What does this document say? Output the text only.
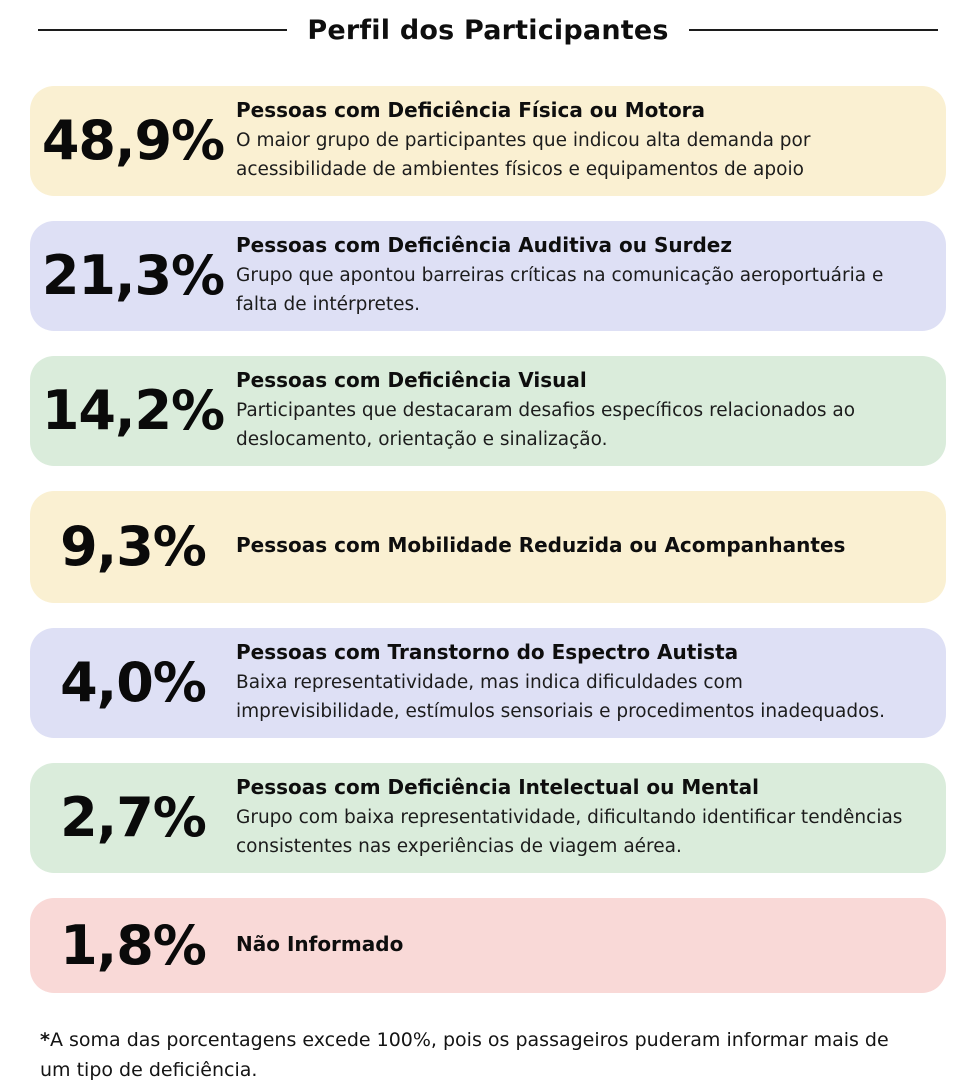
Perfil dos Participantes
48,9% Pessoas com Deficiência Física ou Motora
O maior grupo de participantes que indicou alta demanda por acessibilidade de ambientes físicos e equipamentos de apoio
21,3% Pessoas com Deficiência Auditiva ou Surdez
Grupo que apontou barreiras críticas na comunicação aeroportuária e falta de intérpretes.
14,2% Pessoas com Deficiência Visual
Participantes que destacaram desafios específicos relacionados ao deslocamento, orientação e sinalização.
9,3%	Pessoas com Mobilidade Reduzida ou Acompanhantes
4,0%	Pessoas com Transtorno do Espectro Autista
Baixa representatividade, mas indica dificuldades com imprevisibilidade, estímulos sensoriais e procedimentos inadequados.
2,7%	Pessoas com Deficiência Intelectual ou Mental
Grupo com baixa representatividade, dificultando identificar tendências consistentes nas experiências de viagem aérea.
1,8%	Não Informado

*A soma das porcentagens excede 100%, pois os passageiros puderam informar mais de um tipo de deficiência.
